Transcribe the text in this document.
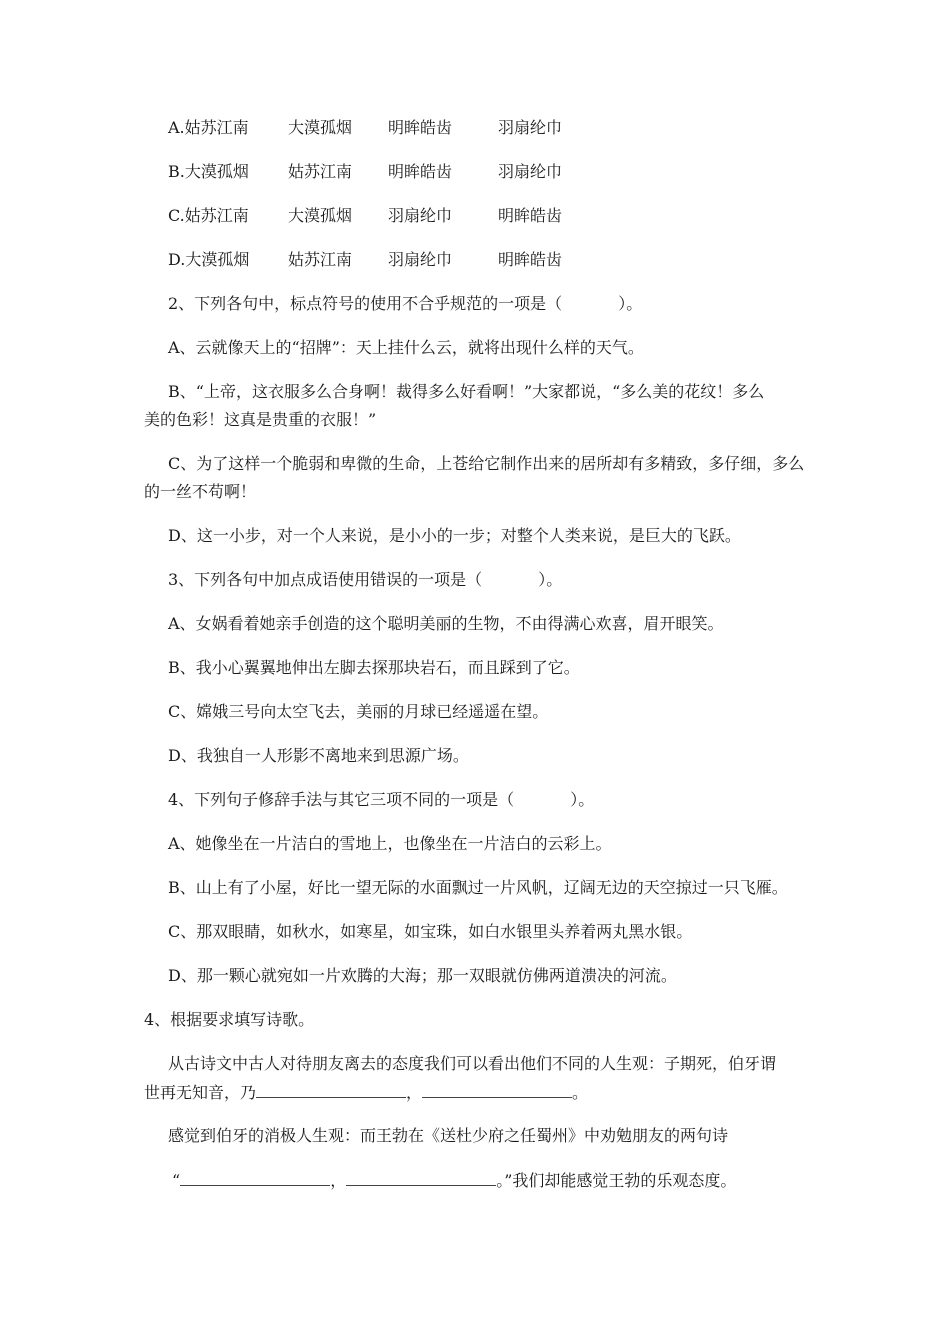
A.姑苏江南 大漠孤烟 明眸皓齿	羽扇纶巾
B.大漠孤烟 姑苏江南 明眸皓齿	羽扇纶巾
C.姑苏江南 大漠孤烟 羽扇纶巾	明眸皓齿
D.大漠孤烟 姑苏江南 羽扇纶巾	明眸皓齿
2、下列各句中，标点符号的使用不合乎规范的一项是（	）。
A、云就像天上的“招牌”：天上挂什么云，就将出现什么样的天气。
B、“上帝，这衣服多么合身啊！裁得多么好看啊！”大家都说，“多么美的花纹！多么
美的色彩！这真是贵重的衣服！”
C、为了这样一个脆弱和卑微的生命，上苍给它制作出来的居所却有多精致，多仔细，多么
的一丝不苟啊！
D、这一小步，对一个人来说，是小小的一步；对整个人类来说，是巨大的飞跃。
3、下列各句中加点成语使用错误的一项是（	）。
A、女娲看着她亲手创造的这个聪明美丽的生物，不由得满心欢喜，眉开眼笑。
B、我小心翼翼地伸出左脚去探那块岩石，而且踩到了它。
C、嫦娥三号向太空飞去，美丽的月球已经遥遥在望。
D、我独自一人形影不离地来到思源广场。
4、下列句子修辞手法与其它三项不同的一项是（	）。
A、她像坐在一片洁白的雪地上，也像坐在一片洁白的云彩上。
B、山上有了小屋，好比一望无际的水面飘过一片风帆，辽阔无边的天空掠过一只飞雁。
C、那双眼睛，如秋水，如寒星，如宝珠，如白水银里头养着两丸黑水银。
D、那一颗心就宛如一片欢腾的大海；那一双眼就仿佛两道溃决的河流。
4、根据要求填写诗歌。
从古诗文中古人对待朋友离去的态度我们可以看出他们不同的人生观：子期死，伯牙谓
世再无知音，乃	，	。
感觉到伯牙的消极人生观：而王勃在《送杜少府之任蜀州》中劝勉朋友的两句诗
“	，	。”我们却能感觉王勃的乐观态度。
